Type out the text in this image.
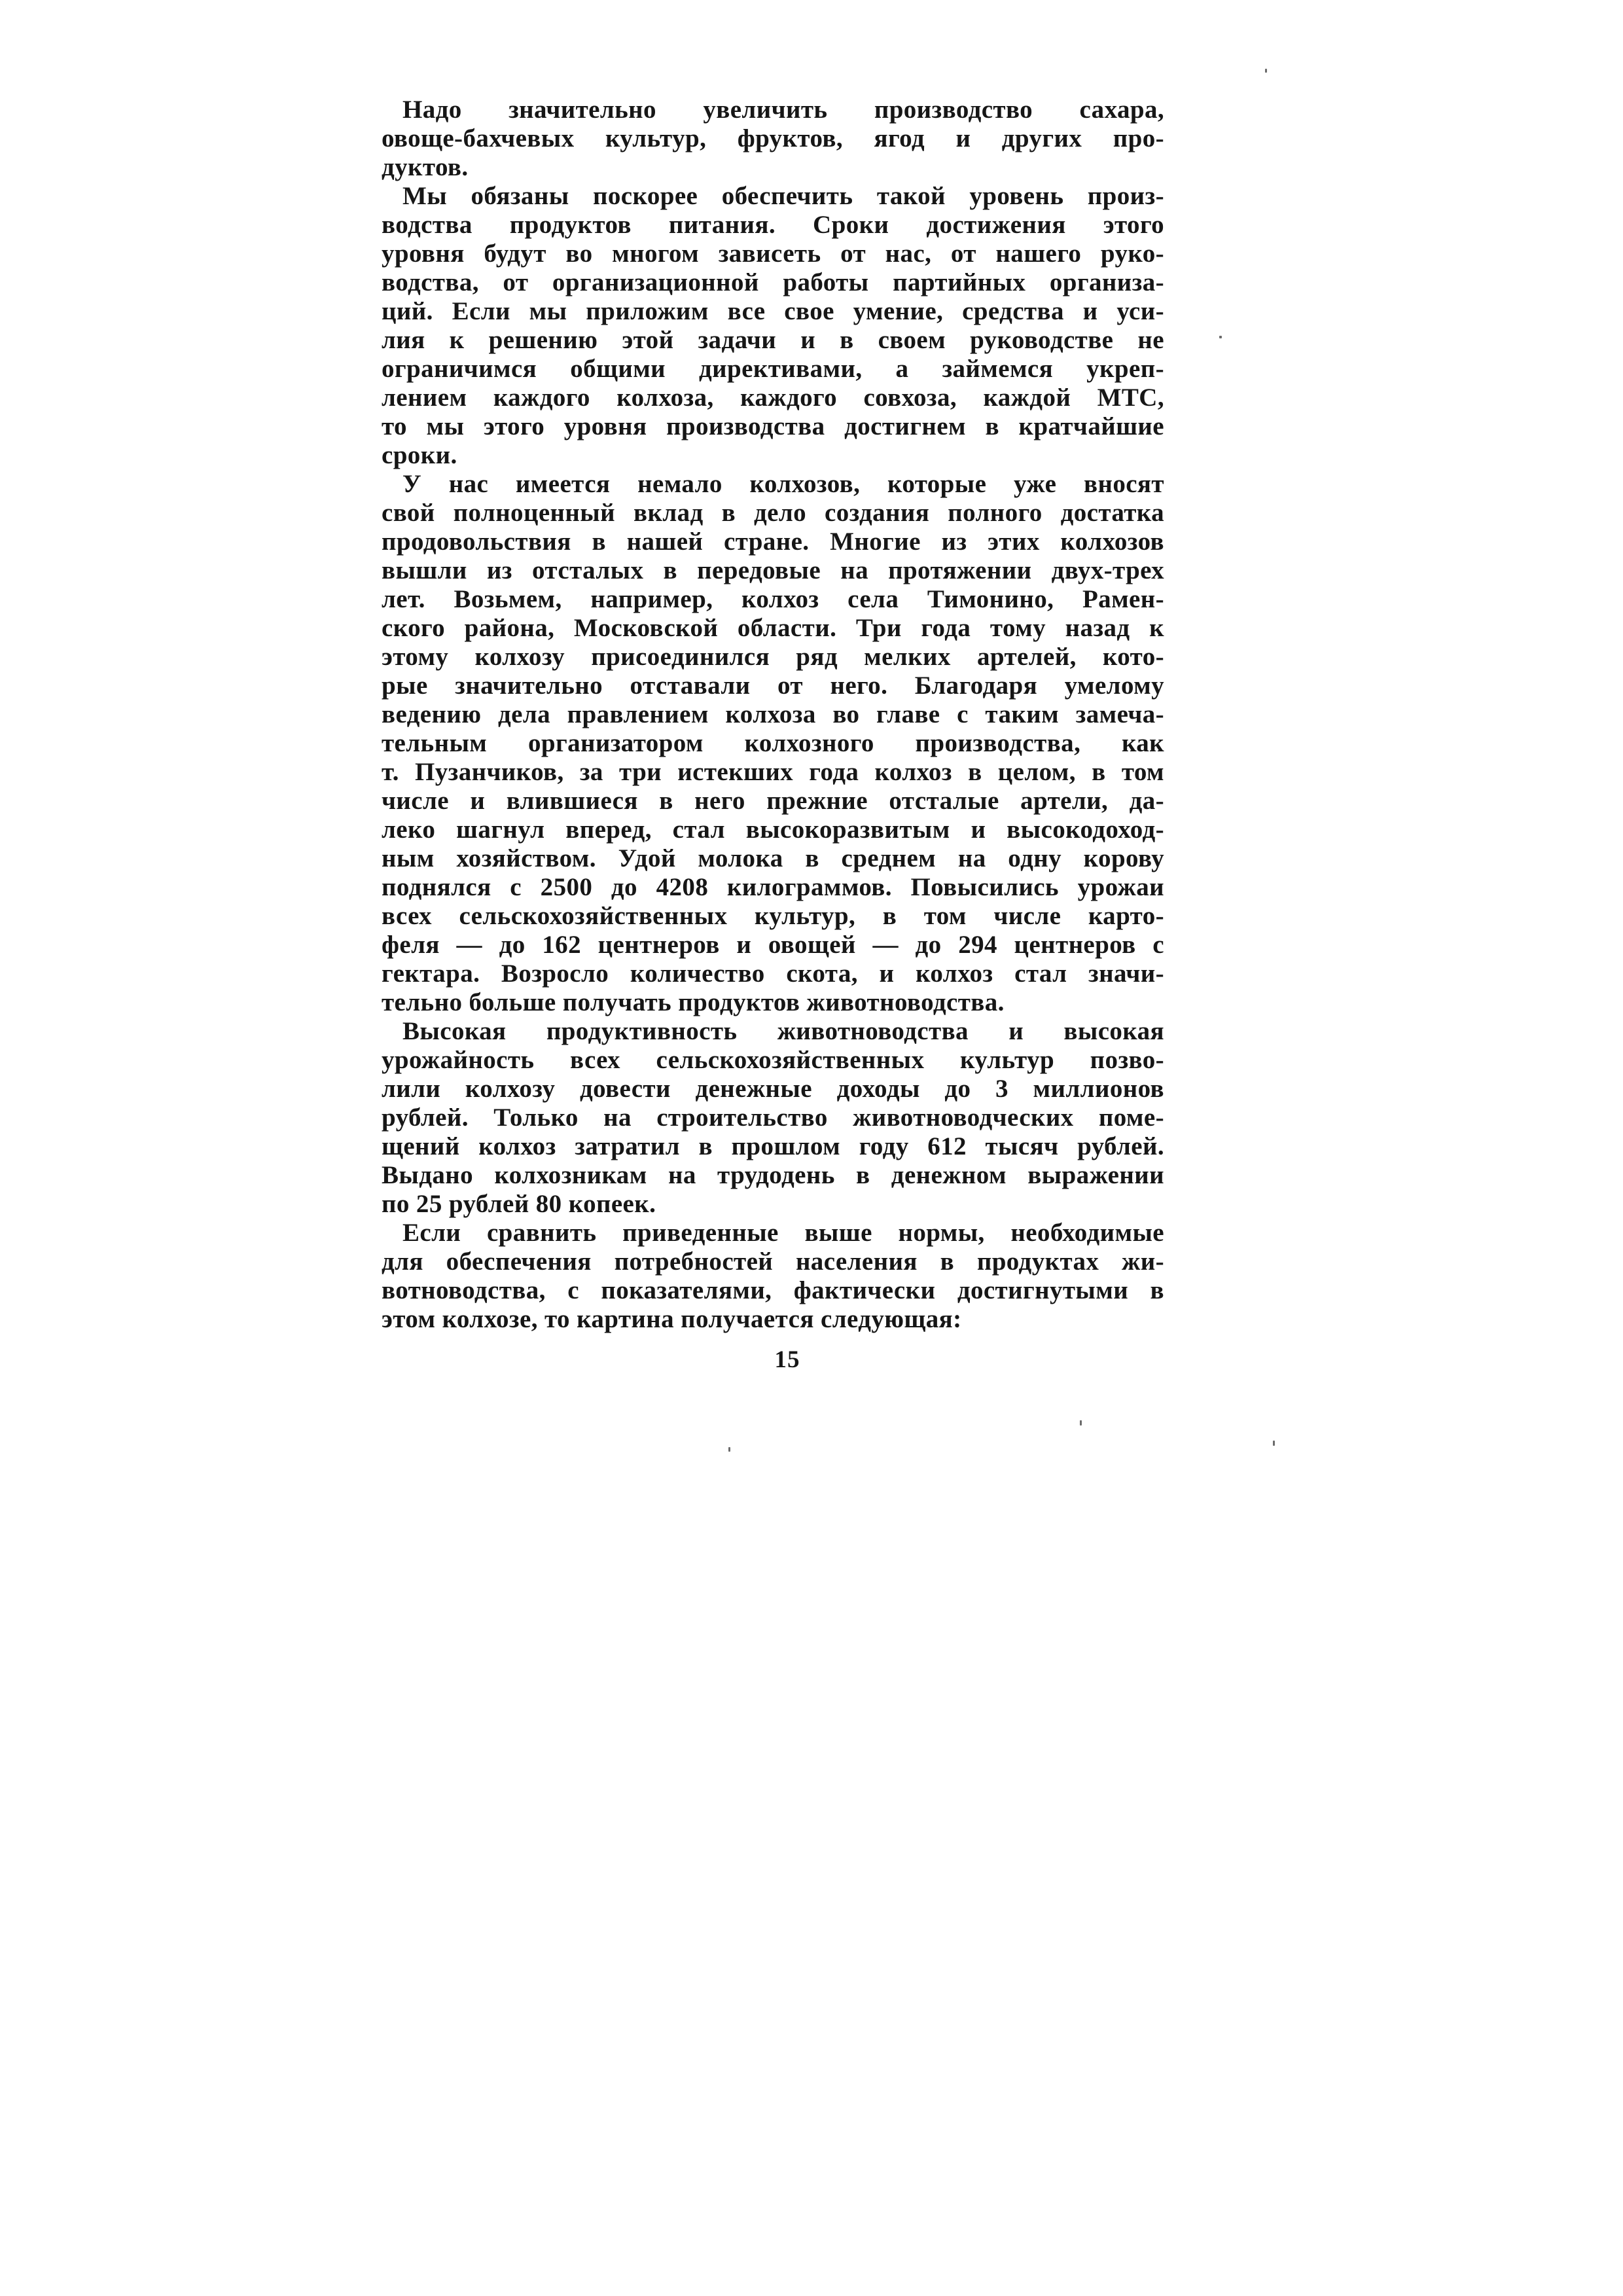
Надо значительно увеличить производство сахара,
овоще-бахчевых культур, фруктов, ягод и других про-
дуктов.
Мы обязаны поскорее обеспечить такой уровень произ-
водства продуктов питания. Сроки достижения этого
уровня будут во многом зависеть от нас, от нашего руко-
водства, от организационной работы партийных организа-
ций. Если мы приложим все свое умение, средства и уси-
лия к решению этой задачи и в своем руководстве не
ограничимся общими директивами, а займемся укреп-
лением каждого колхоза, каждого совхоза, каждой МТС,
то мы этого уровня производства достигнем в кратчайшие
сроки.
У нас имеется немало колхозов, которые уже вносят
свой полноценный вклад в дело создания полного достатка
продовольствия в нашей стране. Многие из этих колхозов
вышли из отсталых в передовые на протяжении двух-трех
лет. Возьмем, например, колхоз села Тимонино, Рамен-
ского района, Московской области. Три года тому назад к
этому колхозу присоединился ряд мелких артелей, кото-
рые значительно отставали от него. Благодаря умелому
ведению дела правлением колхоза во главе с таким замеча-
тельным организатором колхозного производства, как
т. Пузанчиков, за три истекших года колхоз в целом, в том
числе и влившиеся в него прежние отсталые артели, да-
леко шагнул вперед, стал высокоразвитым и высокодоход-
ным хозяйством. Удой молока в среднем на одну корову
поднялся с 2500 до 4208 килограммов. Повысились урожаи
всех сельскохозяйственных культур, в том числе карто-
феля — до 162 центнеров и овощей — до 294 центнеров с
гектара. Возросло количество скота, и колхоз стал значи-
тельно больше получать продуктов животноводства.
Высокая продуктивность животноводства и высокая
урожайность всех сельскохозяйственных культур позво-
лили колхозу довести денежные доходы до 3 миллионов
рублей. Только на строительство животноводческих поме-
щений колхоз затратил в прошлом году 612 тысяч рублей.
Выдано колхозникам на трудодень в денежном выражении
по 25 рублей 80 копеек.
Если сравнить приведенные выше нормы, необходимые
для обеспечения потребностей населения в продуктах жи-
вотноводства, с показателями, фактически достигнутыми в
этом колхозе, то картина получается следующая:
15
